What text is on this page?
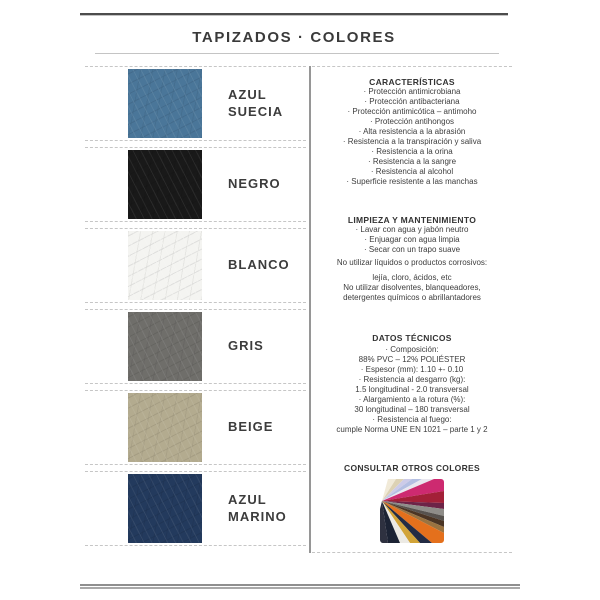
TAPIZADOS · COLORES
AZUL SUECIA
NEGRO
BLANCO
GRIS
BEIGE
AZUL MARINO
CARACTERÍSTICAS
· Protección antimicrobiana
· Protección antibacteriana
· Protección antimicótica – antimoho
· Protección antihongos
· Alta resistencia a la abrasión
· Resistencia a la transpiración y saliva
· Resistencia a la orina
· Resistencia a la sangre
· Resistencia al alcohol
· Superficie resistente a las manchas
LIMPIEZA Y MANTENIMIENTO
· Lavar con agua y jabón neutro
· Enjuagar con agua limpia
· Secar con un trapo suave
No utilizar líquidos o productos corrosivos:
lejía, cloro, ácidos, etc
No utilizar disolventes, blanqueadores,
detergentes químicos o abrillantadores
DATOS TÉCNICOS
· Composición:
88% PVC – 12% POLIÉSTER
· Espesor (mm): 1.10 +- 0.10
· Resistencia al desgarro (kg):
1.5 longitudinal - 2.0 transversal
· Alargamiento a la rotura (%):
30 longitudinal – 180 transversal
· Resistencia al fuego:
cumple Norma UNE EN 1021 – parte 1 y 2
CONSULTAR OTROS COLORES
